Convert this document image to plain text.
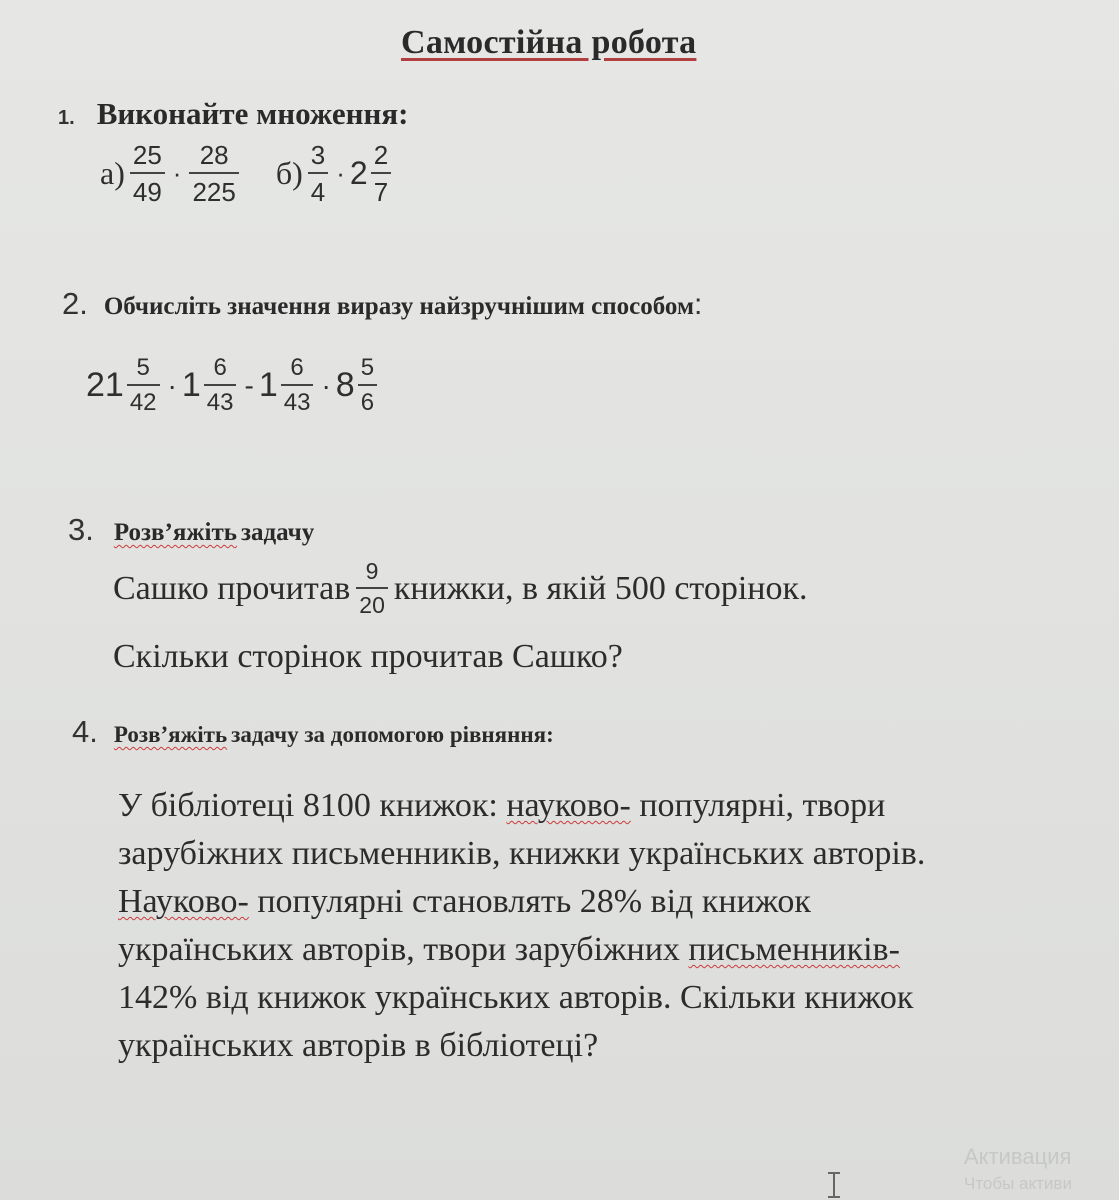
Самостійна робота
1. Виконайте множення:
$а) \frac{25}{49} \cdot \frac{28}{225} б) \frac{3}{4} \cdot 2 \frac{2}{7}$
2. Обчисліть значення виразу найзручнішим способом:
$21 \frac{5}{42} \cdot 1 \frac{6}{43} - 1 \frac{6}{43} \cdot 8 \frac{5}{6}$
3. Розв’яжіть задачу
Сашко прочитав $\frac{9}{20}$ книжки, в якій 500 сторінок.
Скільки сторінок прочитав Сашко?
4. Розв’яжіть задачу за допомогою рівняння:
У бібліотеці 8100 книжок: науково- популярні, твори
зарубіжних письменників, книжки українських авторів.
Науково- популярні становлять 28% від книжок
українських авторів, твори зарубіжних письменників-
142% від книжок українських авторів. Скільки книжок
українських авторів в бібліотеці?
Активация
Чтобы активи
